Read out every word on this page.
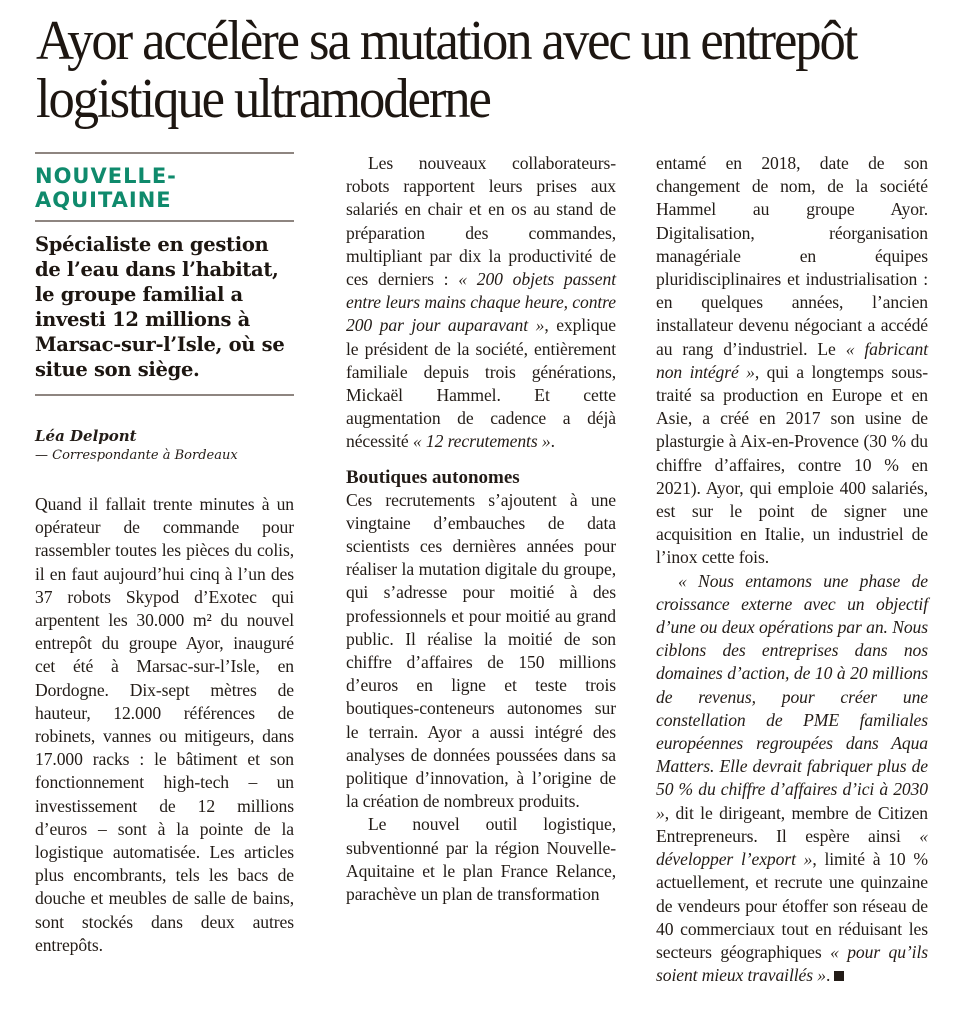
Ayor accélère sa mutation avec un entrepôt logistique ultramoderne
NOUVELLE-AQUITAINE
Spécialiste en gestion de l’eau dans l’habitat, le groupe familial a investi 12 millions à Marsac-sur-l’Isle, où se situe son siège.
Léa Delpont
— Correspondante à Bordeaux

Quand il fallait trente minutes à un opérateur de commande pour rassembler toutes les pièces du colis, il en faut aujourd’hui cinq à l’un des 37 robots Skypod d’Exotec qui arpentent les 30.000 m² du nouvel entrepôt du groupe Ayor, inauguré cet été à Marsac-sur-l’Isle, en Dordogne. Dix-sept mètres de hauteur, 12.000 références de robinets, vannes ou mitigeurs, dans 17.000 racks : le bâtiment et son fonctionnement high-tech – un investissement de 12 millions d’euros – sont à la pointe de la logistique automatisée. Les articles plus encombrants, tels les bacs de douche et meubles de salle de bains, sont stockés dans deux autres entrepôts.

Les nouveaux collaborateurs-robots rapportent leurs prises aux salariés en chair et en os au stand de préparation des commandes, multipliant par dix la productivité de ces derniers : « 200 objets passent entre leurs mains chaque heure, contre 200 par jour auparavant », explique le président de la société, entièrement familiale depuis trois générations, Mickaël Hammel. Et cette augmentation de cadence a déjà nécessité « 12 recrutements ».

Boutiques autonomes

Ces recrutements s’ajoutent à une vingtaine d’embauches de data scientists ces dernières années pour réaliser la mutation digitale du groupe, qui s’adresse pour moitié à des professionnels et pour moitié au grand public. Il réalise la moitié de son chiffre d’affaires de 150 millions d’euros en ligne et teste trois boutiques-conteneurs autonomes sur le terrain. Ayor a aussi intégré des analyses de données poussées dans sa politique d’innovation, à l’origine de la création de nombreux produits.

Le nouvel outil logistique, subventionné par la région Nouvelle-Aquitaine et le plan France Relance, parachève un plan de transformation

entamé en 2018, date de son changement de nom, de la société Hammel au groupe Ayor. Digitalisation, réorganisation managériale en équipes pluridisciplinaires et industrialisation : en quelques années, l’ancien installateur devenu négociant a accédé au rang d’industriel. Le « fabricant non intégré », qui a longtemps sous-traité sa production en Europe et en Asie, a créé en 2017 son usine de plasturgie à Aix-en-Provence (30 % du chiffre d’affaires, contre 10 % en 2021). Ayor, qui emploie 400 salariés, est sur le point de signer une acquisition en Italie, un industriel de l’inox cette fois.

« Nous entamons une phase de croissance externe avec un objectif d’une ou deux opérations par an. Nous ciblons des entreprises dans nos domaines d’action, de 10 à 20 millions de revenus, pour créer une constellation de PME familiales européennes regroupées dans Aqua Matters. Elle devrait fabriquer plus de 50 % du chiffre d’affaires d’ici à 2030 », dit le dirigeant, membre de Citizen Entrepreneurs. Il espère ainsi « développer l’export », limité à 10 % actuellement, et recrute une quinzaine de vendeurs pour étoffer son réseau de 40 commerciaux tout en réduisant les secteurs géographiques « pour qu’ils soient mieux travaillés ».
